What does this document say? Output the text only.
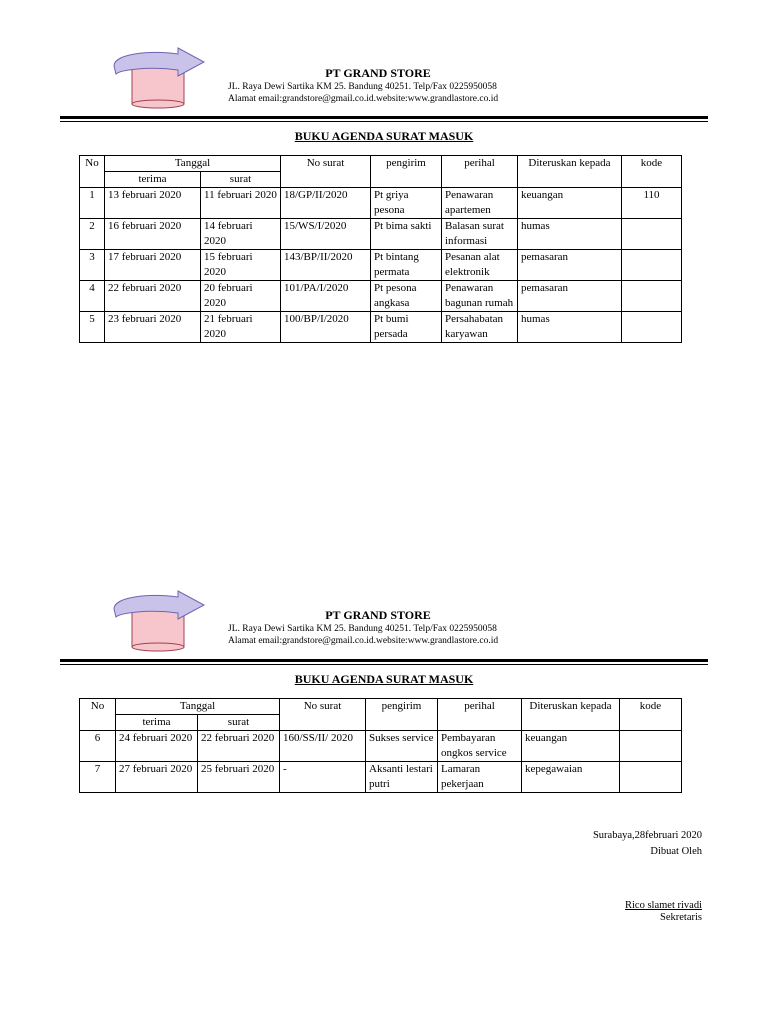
PT GRAND STORE
JL. Raya Dewi Sartika KM 25. Bandung 40251. Telp/Fax 0225950058
Alamat email:grandstore@gmail.co.id.website:www.grandlastore.co.id
BUKU AGENDA SURAT MASUK
No	Tanggal		No surat	pengirim	perihal	Diteruskan kepada	kode
	terima	surat					
1	13 februari 2020	11 februari 2020	18/GP/II/2020	Pt griya pesona	Penawaran apartemen	keuangan	110
2	16 februari 2020	14 februari 2020	15/WS/I/2020	Pt bima sakti	Balasan surat informasi	humas	
3	17 februari 2020	15 februari 2020	143/BP/II/2020	Pt bintang permata	Pesanan alat elektronik	pemasaran	
4	22 februari 2020	20 februari 2020	101/PA/I/2020	Pt pesona angkasa	Penawaran bagunan rumah	pemasaran	
5	23 februari 2020	21 februari 2020	100/BP/I/2020	Pt bumi persada	Persahabatan karyawan	humas	
PT GRAND STORE
JL. Raya Dewi Sartika KM 25. Bandung 40251. Telp/Fax 0225950058
Alamat email:grandstore@gmail.co.id.website:www.grandlastore.co.id
BUKU AGENDA SURAT MASUK
No	Tanggal		No surat	pengirim	perihal	Diteruskan kepada	kode
	terima	surat					
6	24 februari 2020	22 februari 2020	160/SS/II/ 2020	Sukses service	Pembayaran ongkos service	keuangan	
7	27 februari 2020	25 februari 2020	-	Aksanti lestari putri	Lamaran pekerjaan	kepegawaian	
Surabaya,28februari 2020
Dibuat Oleh
Rico slamet rivadi
Sekretaris
